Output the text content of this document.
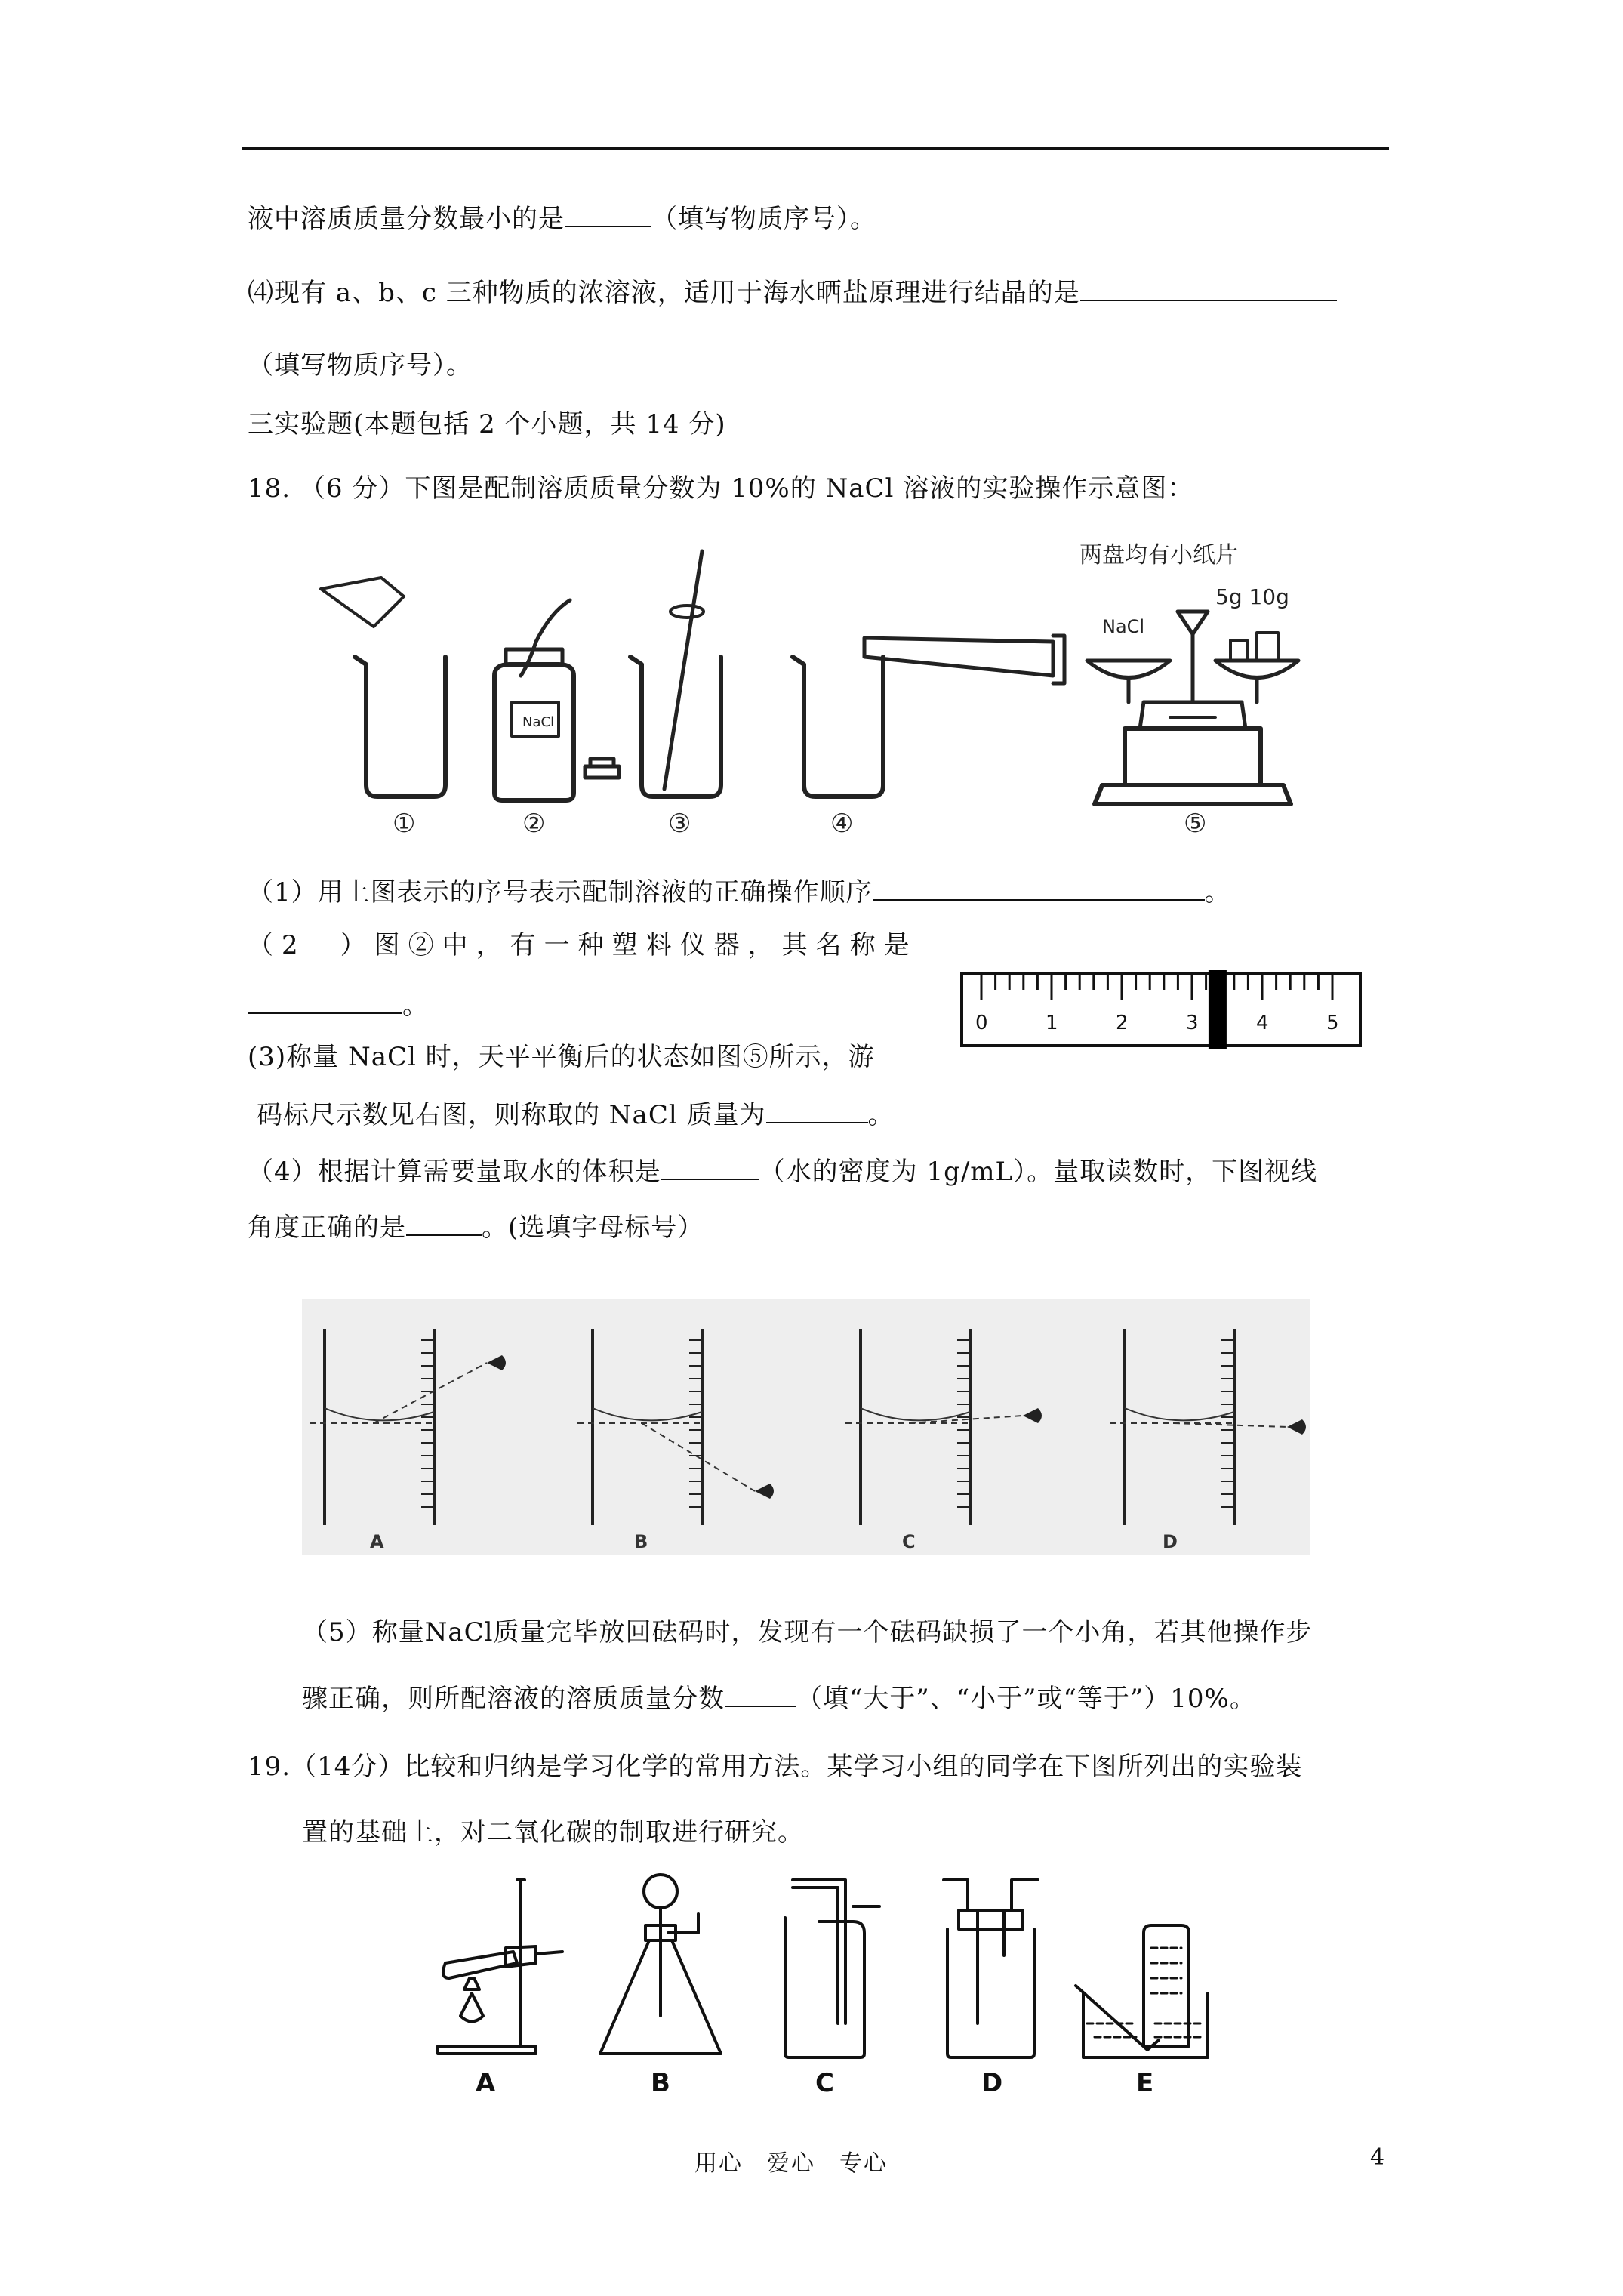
液中溶质质量分数最小的是	（填写物质序号）。
⑷现有 a、b、c 三种物质的浓溶液，适用于海水晒盐原理进行结晶的是
（填写物质序号）。
三实验题(本题包括 2 个小题，共 14 分)
18. （6 分）下图是配制溶质质量分数为 10%的 NaCl 溶液的实验操作示意图：
NaCl
NaCl
两盘均有小纸片
5g 10g
①	②	③	④	⑤
（1）用上图表示的序号表示配制溶液的正确操作顺序	。
（2　）图②中，有一种塑料仪器，其名称是
。
0	1	2	3	4	5
(3)称量 NaCl 时，天平平衡后的状态如图⑤所示，游
码标尺示数见右图，则称取的 NaCl 质量为	。
（4）根据计算需要量取水的体积是	（水的密度为 1g/mL）。量取读数时，下图视线
角度正确的是	。(选填字母标号）
A	B	C	D
（5）称量NaCl质量完毕放回砝码时，发现有一个砝码缺损了一个小角，若其他操作步
骤正确，则所配溶液的溶质质量分数	（填“大于”、“小于”或“等于”）10%。
19.（14分）比较和归纳是学习化学的常用方法。某学习小组的同学在下图所列出的实验装
置的基础上，对二氧化碳的制取进行研究。
A	B	C	D	E
用心　爱心　专心	4
